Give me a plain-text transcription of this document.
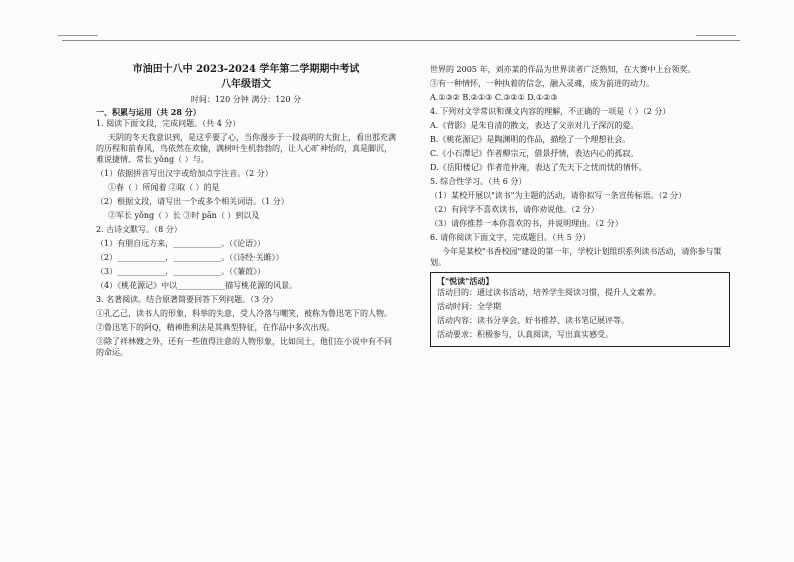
市油田十八中 2023-2024 学年第二学期期中考试
八年级语文
时间：120 分钟 满分：120 分
一、积累与运用（共 28 分）

1. 阅读下面文段，完成问题。（共 4 分）

天阴的冬天我意识到，是这乎要了心，当你漫步于一段高明的大街上，看出那充满的历程和前春风，鸟依然在欢愉，满树叶生机勃勃的，让人心旷神怡的，真是脚沉，难说捷情、常长 yǒng（ ）与。

（1）依据拼音写出汉字或给加点字注音。（2 分）

①春（ ）所闻着 ②取（ ）的是

（2）根据文段，请写出一个或多个相关词语。（1 分）

②军长 yǒng（ ）长 ③时 pān（ ）到以及

2. 古诗文默写。（8 分）

（1）有朋自远方来，____________。（《论语》）

（2）____________，____________。（《诗经·关雎》）

（3）____________，____________。（《蒹葭》）

（4）《桃花源记》中以____________描写桃花源的风景。

3. 名著阅读。结合原著简要回答下列问题。（3 分）

①孔乙己，读书人的形象，科举的失意，受人冷落与嘲笑，被称为鲁迅笔下的人物。

②鲁迅笔下的阿Q，精神胜利法是其典型特征，在作品中多次出现。

③除了祥林嫂之外，还有一些值得注意的人物形象，比如闰土，他们在小说中有不同的命运。

世界的 2005 年，刘亦某的作品为世界读者广泛熟知，在大赛中上台领奖。

③有一种情怀，一种执着的信念，融入灵魂，成为前进的动力。

A.①③② B.②①③ C.③②① D.①②③

4. 下列对文学常识和课文内容的理解，不正确的一项是（ ）（2 分）

A.《背影》是朱自清的散文，表达了父亲对儿子深沉的爱。

B.《桃花源记》是陶渊明的作品，描绘了一个理想社会。

C.《小石潭记》作者柳宗元，借景抒情，表达内心的孤寂。

D.《岳阳楼记》作者范仲淹，表达了先天下之忧而忧的情怀。

5. 综合性学习。（共 6 分）

（1）某校开展以"读书"为主题的活动，请你拟写一条宣传标语。（2 分）

（2）有同学不喜欢读书，请你劝说他。（2 分）

（3）请你推荐一本你喜欢的书，并说明理由。（2 分）

6. 请你阅读下面文字，完成题目。（共 5 分）

今年是某校"书香校园"建设的第一年，学校计划组织系列读书活动，请你参与策划。

【"悦读"活动】

活动目的：通过读书活动，培养学生阅读习惯，提升人文素养。

活动时间：全学期

活动内容：读书分享会、好书推荐、读书笔记展评等。

活动要求：积极参与，认真阅读，写出真实感受。
